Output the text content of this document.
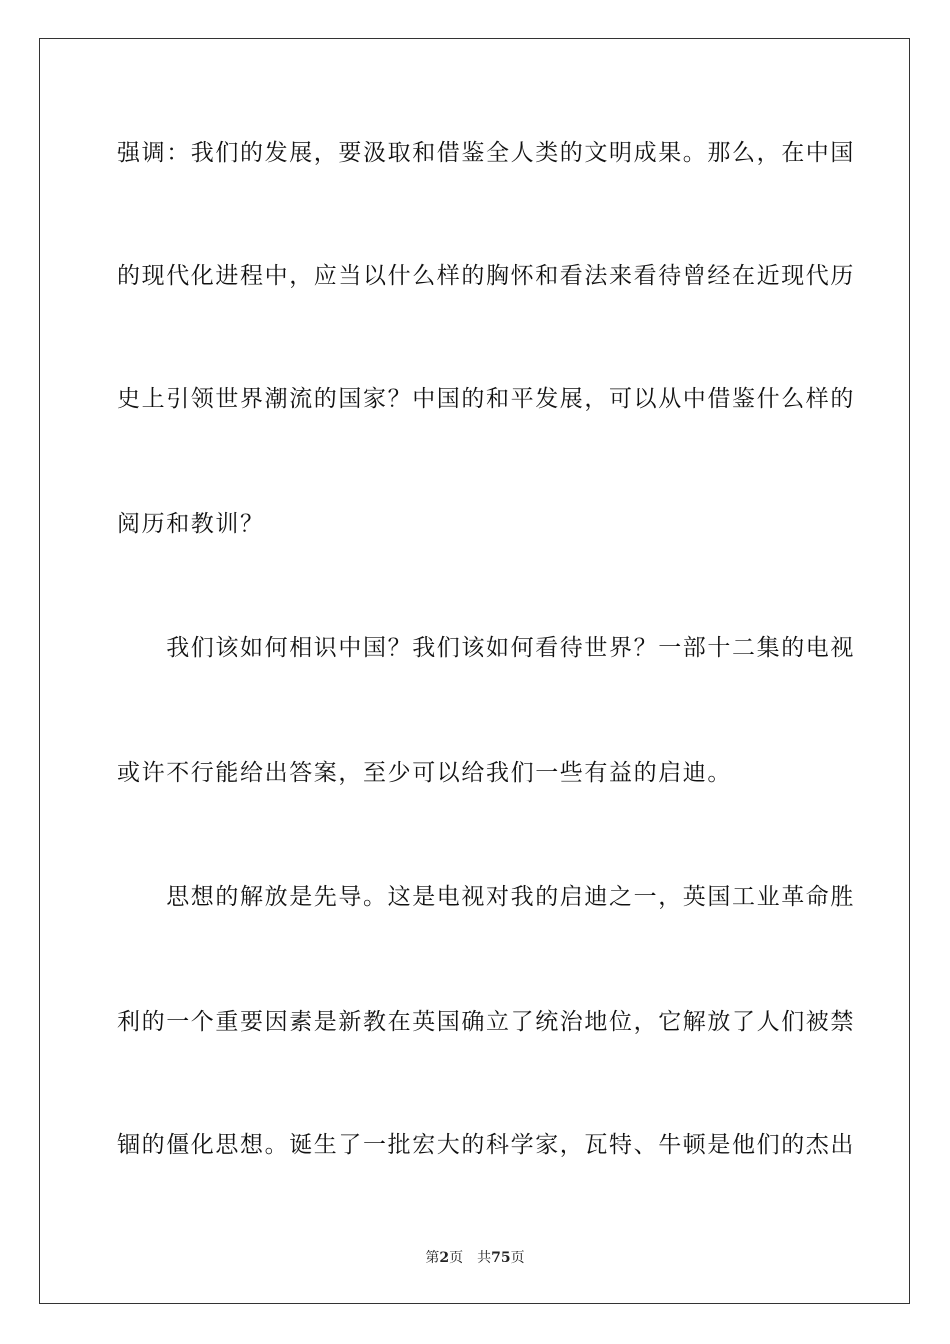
强调：我们的发展，要汲取和借鉴全人类的文明成果。那么，在中国
的现代化进程中，应当以什么样的胸怀和看法来看待曾经在近现代历
史上引领世界潮流的国家？中国的和平发展，可以从中借鉴什么样的
阅历和教训？
　　我们该如何相识中国？我们该如何看待世界？一部十二集的电视
或许不行能给出答案，至少可以给我们一些有益的启迪。
　　思想的解放是先导。这是电视对我的启迪之一，英国工业革命胜
利的一个重要因素是新教在英国确立了统治地位，它解放了人们被禁
锢的僵化思想。诞生了一批宏大的科学家，瓦特、牛顿是他们的杰出
第2页 共75页
